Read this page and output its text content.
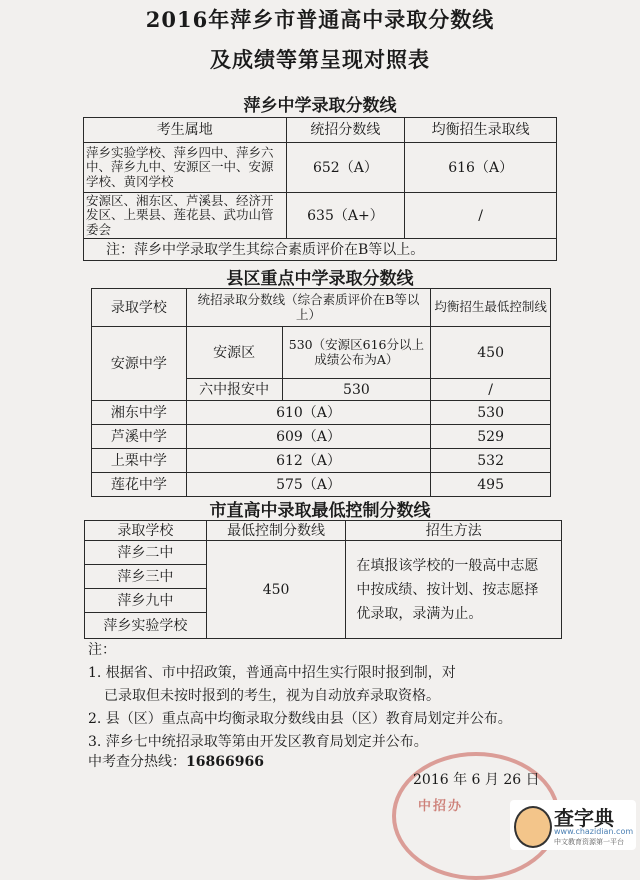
2016年萍乡市普通高中录取分数线
及成绩等第呈现对照表
萍乡中学录取分数线
考生属地	统招分数线	均衡招生录取线
萍乡实验学校、萍乡四中、萍乡六中、萍乡九中、安源区一中、安源学校、黄冈学校	652（A）	616（A）
安源区、湘东区、芦溪县、经济开发区、上栗县、莲花县、武功山管委会	635（A+）	/
注：萍乡中学录取学生其综合素质评价在B等以上。		
县区重点中学录取分数线
录取学校	统招录取分数线（综合素质评价在B等以上）		均衡招生最低控制线
安源中学	安源区	530（安源区616分以上成绩公布为A）	450
	六中报安中	530	/
湘东中学	610（A）		530
芦溪中学	609（A）		529
上栗中学	612（A）		532
莲花中学	575（A）		495
市直高中录取最低控制分数线
录取学校	最低控制分数线	招生方法
萍乡二中	450	在填报该学校的一般高中志愿中按成绩、按计划、按志愿择优录取，录满为止。
萍乡三中		
萍乡九中		
萍乡实验学校		
注：
1. 根据省、市中招政策，普通高中招生实行限时报到制，对
已录取但未按时报到的考生，视为自动放弃录取资格。
2. 县（区）重点高中均衡录取分数线由县（区）教育局划定并公布。
3. 萍乡七中统招录取等第由开发区教育局划定并公布。
中考查分热线：16866966
中招办
2016 年 6 月 26 日
查字典
www.chazidian.com
中文教育资源第一平台
